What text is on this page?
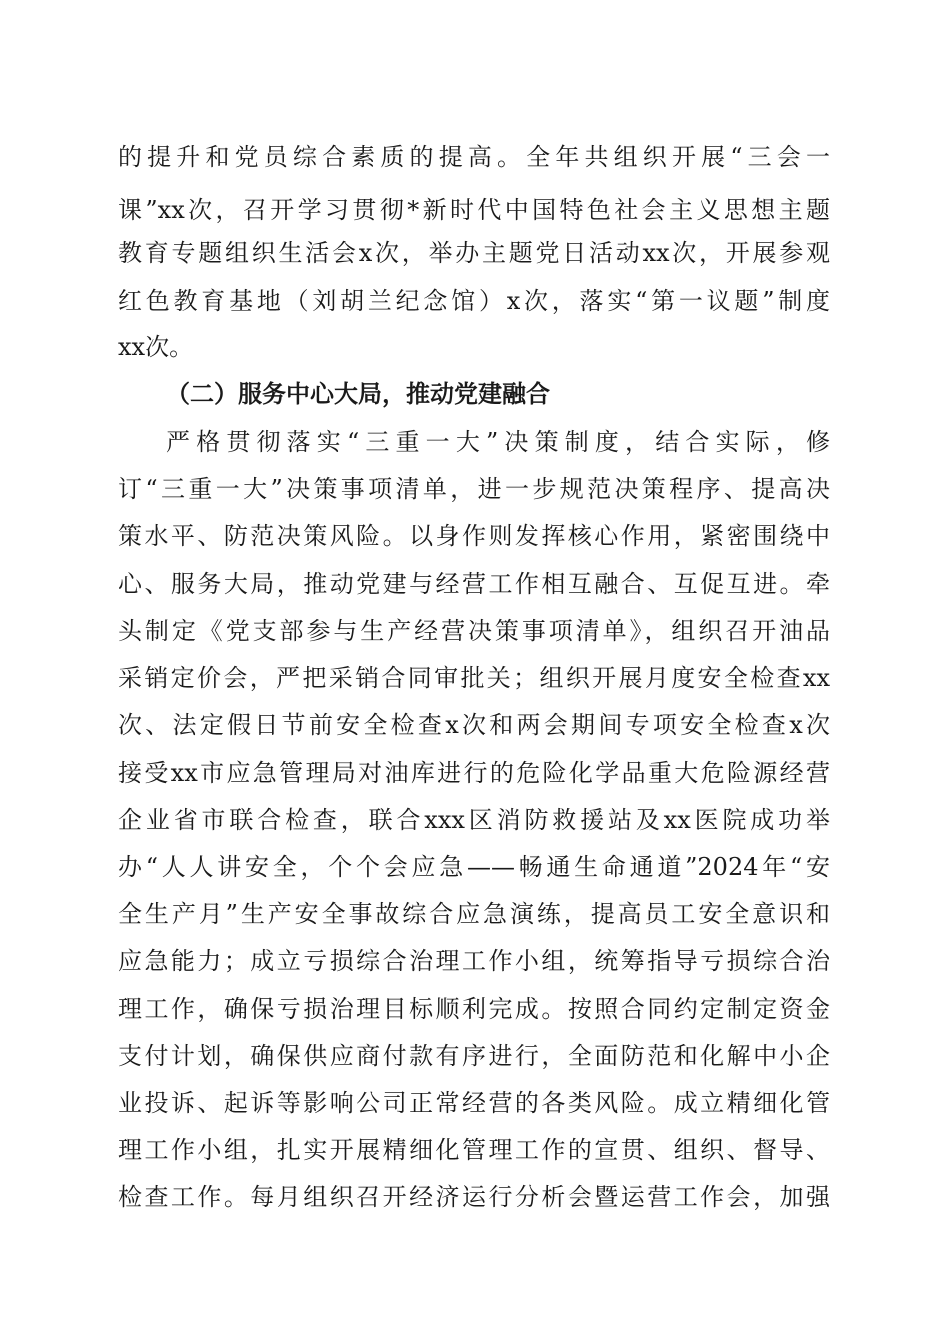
的提升和党员综合素质的提高。全年共组织开展“三会一
课”xx次，召开学习贯彻*新时代中国特色社会主义思想主题
教育专题组织生活会x次，举办主题党日活动xx次，开展参观
红色教育基地（刘胡兰纪念馆）x次，落实“第一议题”制度
xx次。
（二）服务中心大局，推动党建融合
严格贯彻落实“三重一大”决策制度，结合实际，修
订“三重一大”决策事项清单，进一步规范决策程序、提高决
策水平、防范决策风险。以身作则发挥核心作用，紧密围绕中
心、服务大局，推动党建与经营工作相互融合、互促互进。牵
头制定《党支部参与生产经营决策事项清单》，组织召开油品
采销定价会，严把采销合同审批关；组织开展月度安全检查xx
次、法定假日节前安全检查x次和两会期间专项安全检查x次
接受xx市应急管理局对油库进行的危险化学品重大危险源经营
企业省市联合检查，联合xxx区消防救援站及xx医院成功举
办“人人讲安全，个个会应急——畅通生命通道”2024年“安
全生产月”生产安全事故综合应急演练，提高员工安全意识和
应急能力；成立亏损综合治理工作小组，统筹指导亏损综合治
理工作，确保亏损治理目标顺利完成。按照合同约定制定资金
支付计划，确保供应商付款有序进行，全面防范和化解中小企
业投诉、起诉等影响公司正常经营的各类风险。成立精细化管
理工作小组，扎实开展精细化管理工作的宣贯、组织、督导、
检查工作。每月组织召开经济运行分析会暨运营工作会，加强
